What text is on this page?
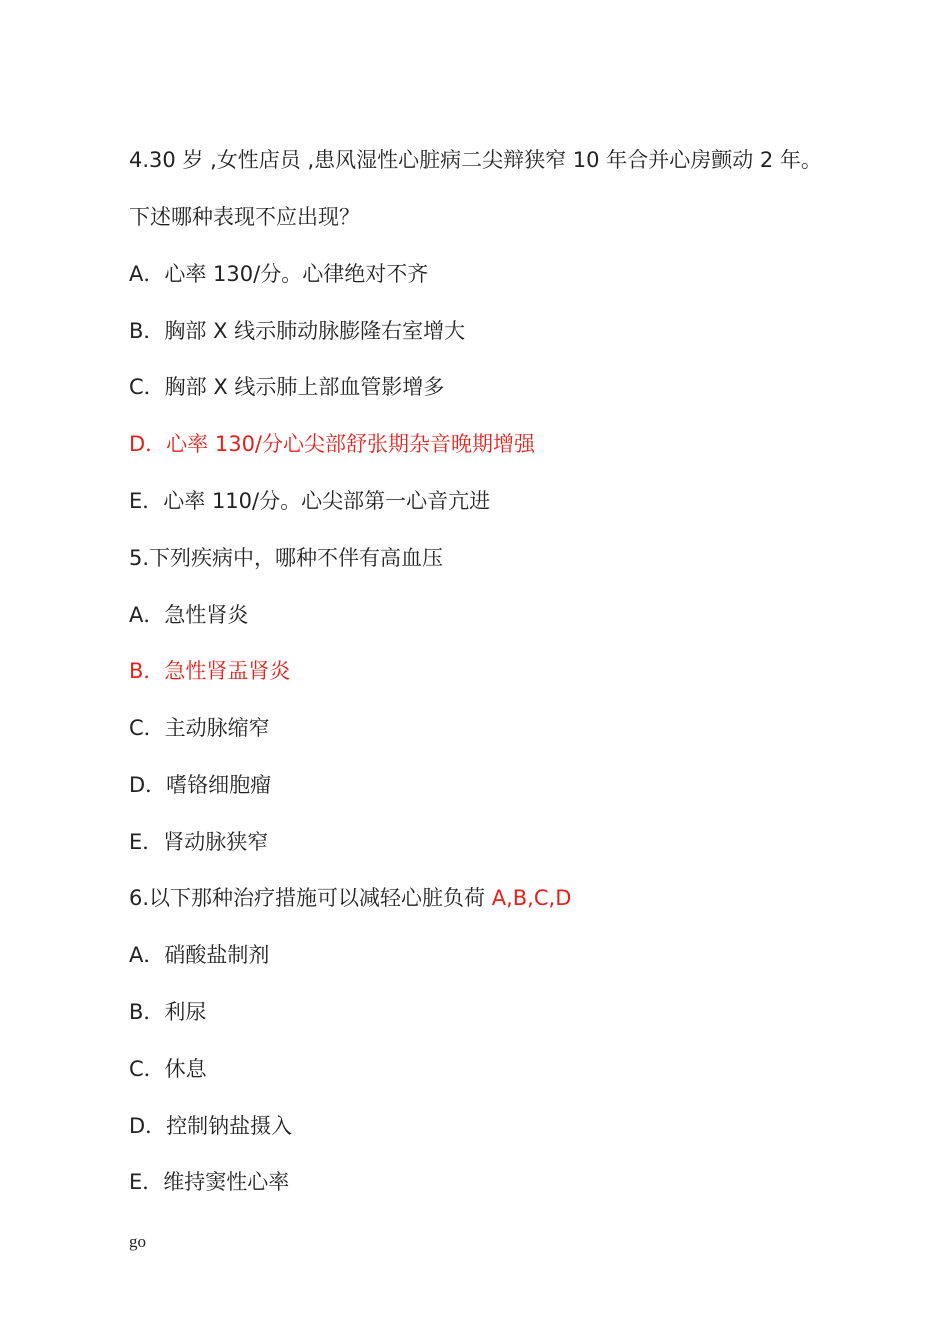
4.30 岁 ,女性店员 ,患风湿性心脏病二尖辩狭窄 10 年合并心房颤动 2 年。
下述哪种表现不应出现？
A．心率 130/分。心律绝对不齐
B．胸部 X 线示肺动脉膨隆右室增大
C．胸部 X 线示肺上部血管影增多
D．心率 130/分心尖部舒张期杂音晚期增强
E．心率 110/分。心尖部第一心音亢进
5.下列疾病中，哪种不伴有高血压
A．急性肾炎
B．急性肾盂肾炎
C．主动脉缩窄
D．嗜铬细胞瘤
E．肾动脉狭窄
6.以下那种治疗措施可以减轻心脏负荷 A,B,C,D
A．硝酸盐制剂
B．利尿
C．休息
D．控制钠盐摄入
E．维持窦性心率
go
